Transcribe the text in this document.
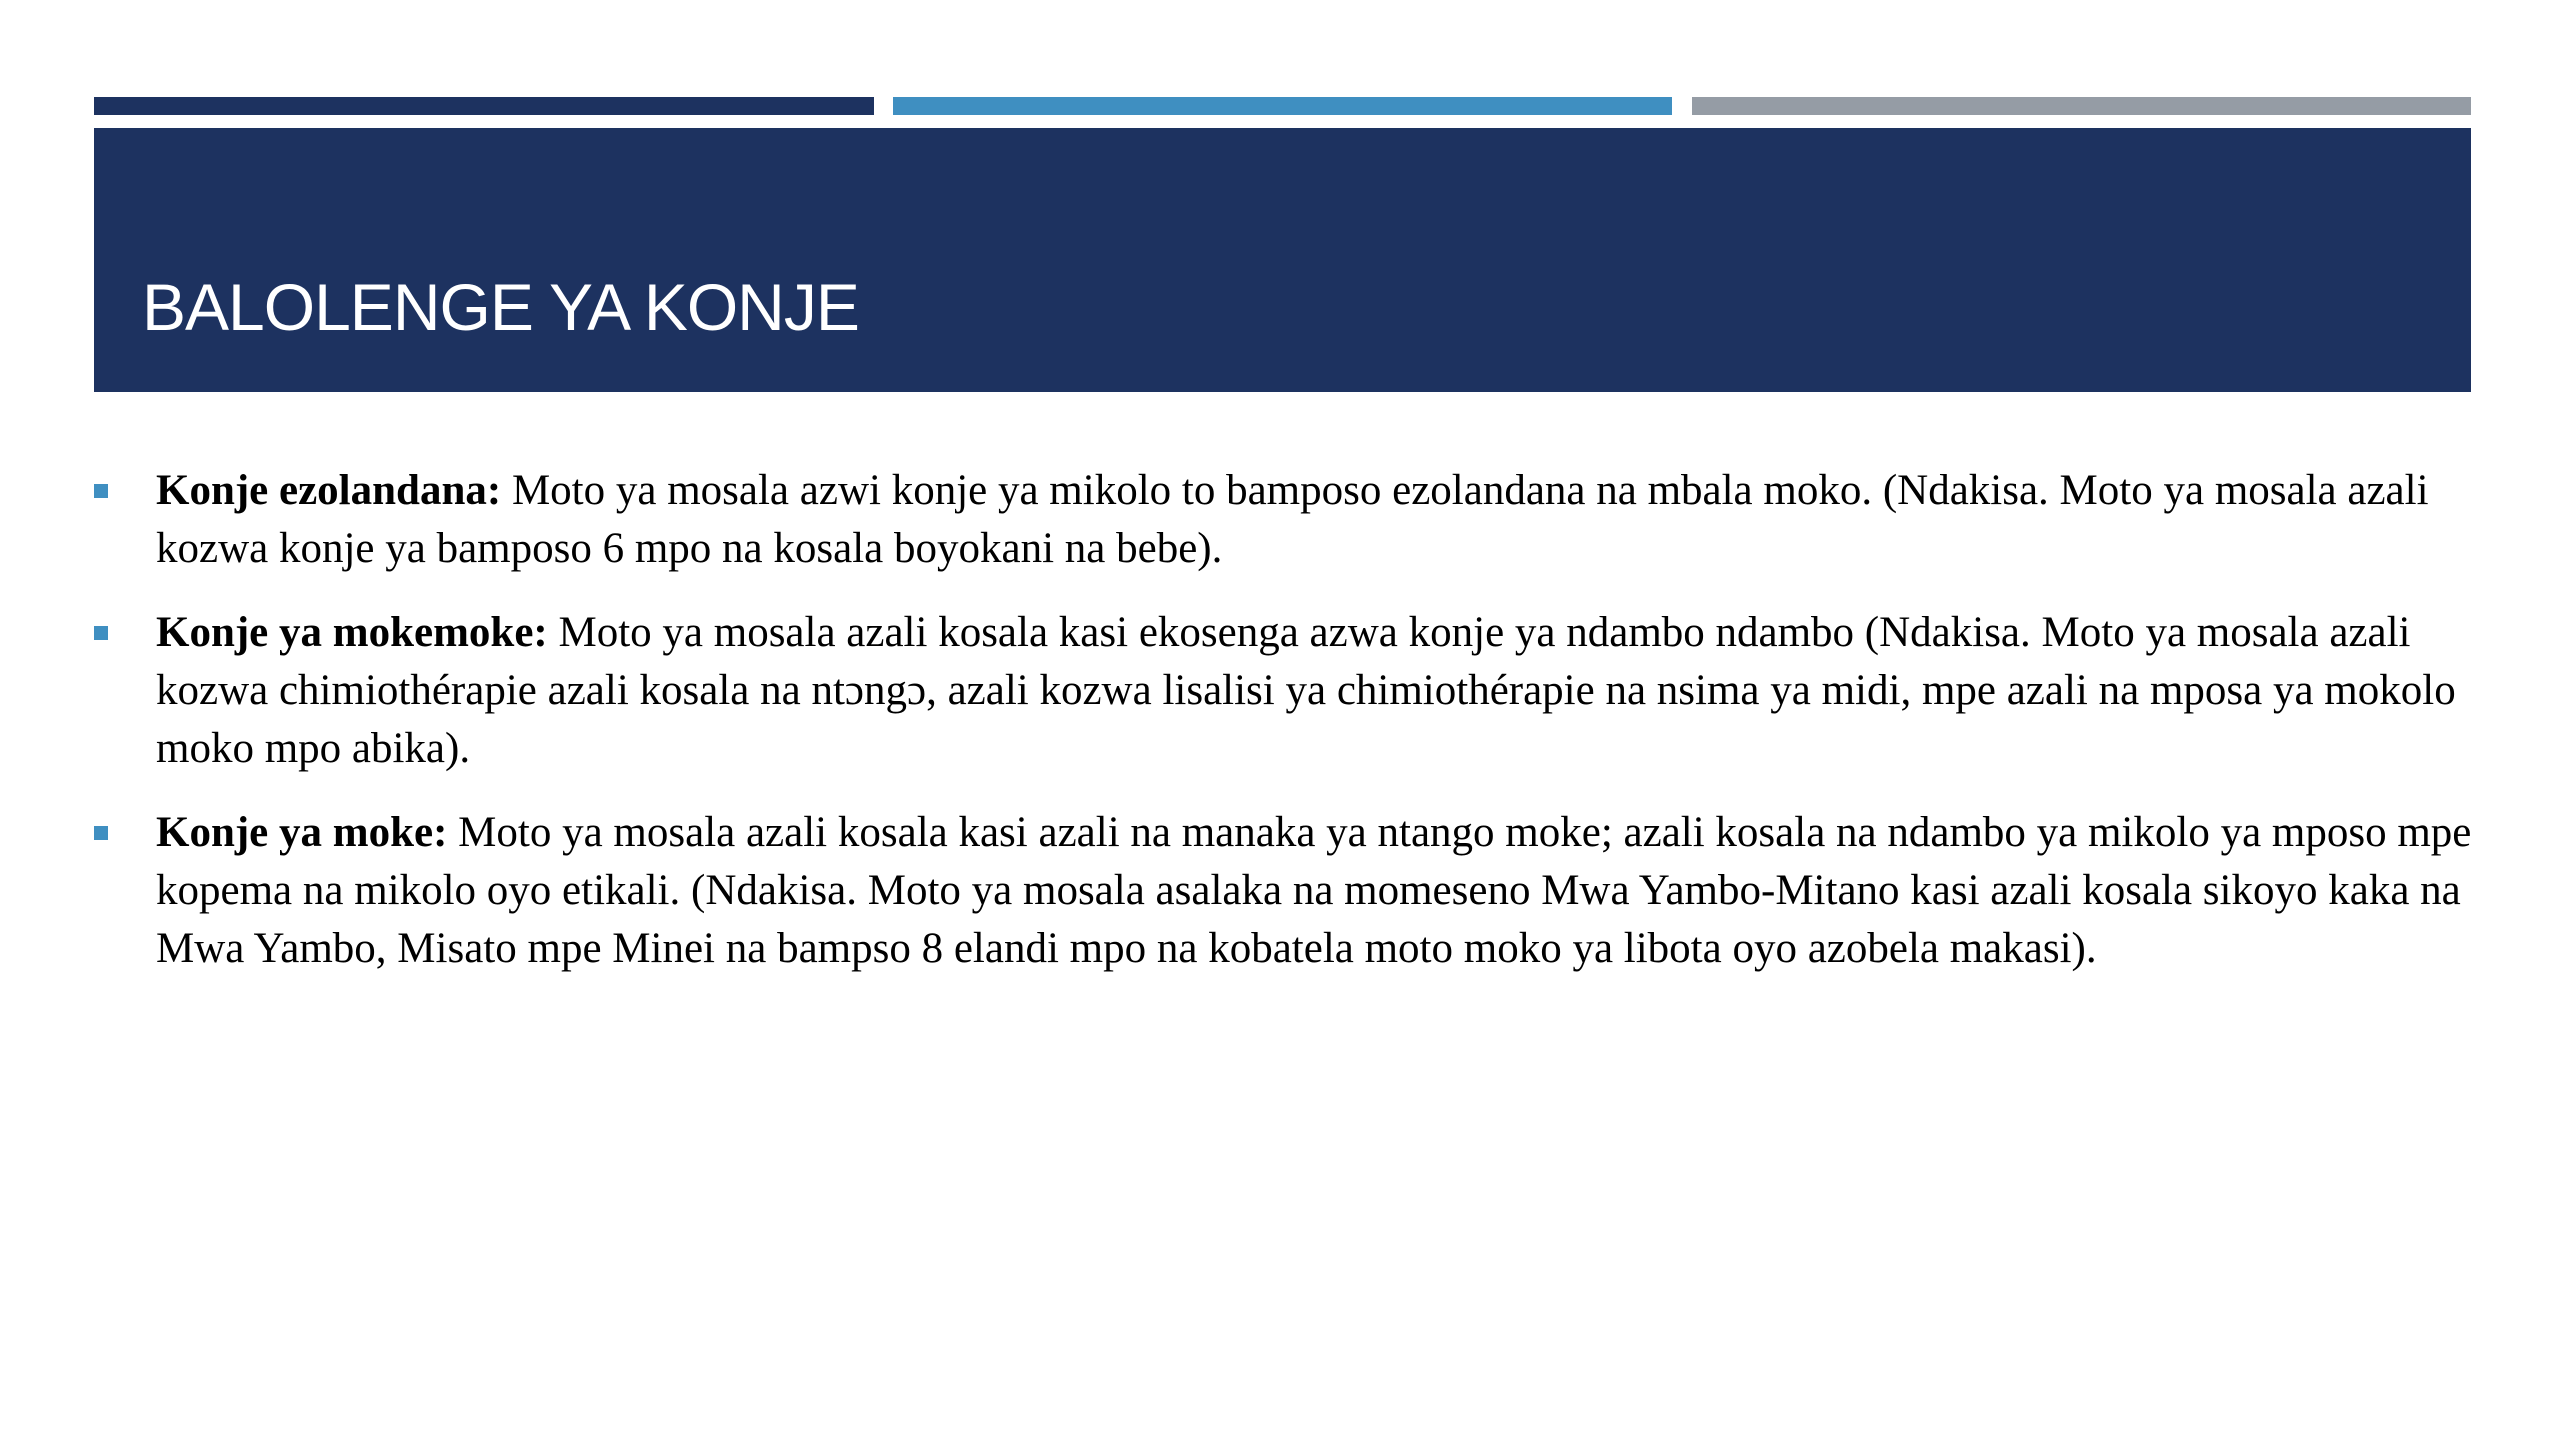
BALOLENGE YA KONJE
Konje ezolandana: Moto ya mosala azwi konje ya mikolo to bamposo ezolandana na mbala moko. (Ndakisa. Moto ya mosala azali kozwa konje ya bamposo 6 mpo na kosala boyokani na bebe).
Konje ya mokemoke: Moto ya mosala azali kosala kasi ekosenga azwa konje ya ndambo ndambo (Ndakisa. Moto ya mosala azali kozwa chimiothérapie azali kosala na ntɔngɔ, azali kozwa lisalisi ya chimiothérapie na nsima ya midi, mpe azali na mposa ya mokolo moko mpo abika).
Konje ya moke: Moto ya mosala azali kosala kasi azali na manaka ya ntango moke; azali kosala na ndambo ya mikolo ya mposo mpe kopema na mikolo oyo etikali. (Ndakisa. Moto ya mosala asalaka na momeseno Mwa Yambo-Mitano kasi azali kosala sikoyo kaka na Mwa Yambo, Misato mpe Minei na bampso 8 elandi mpo na kobatela moto moko ya libota oyo azobela makasi).
